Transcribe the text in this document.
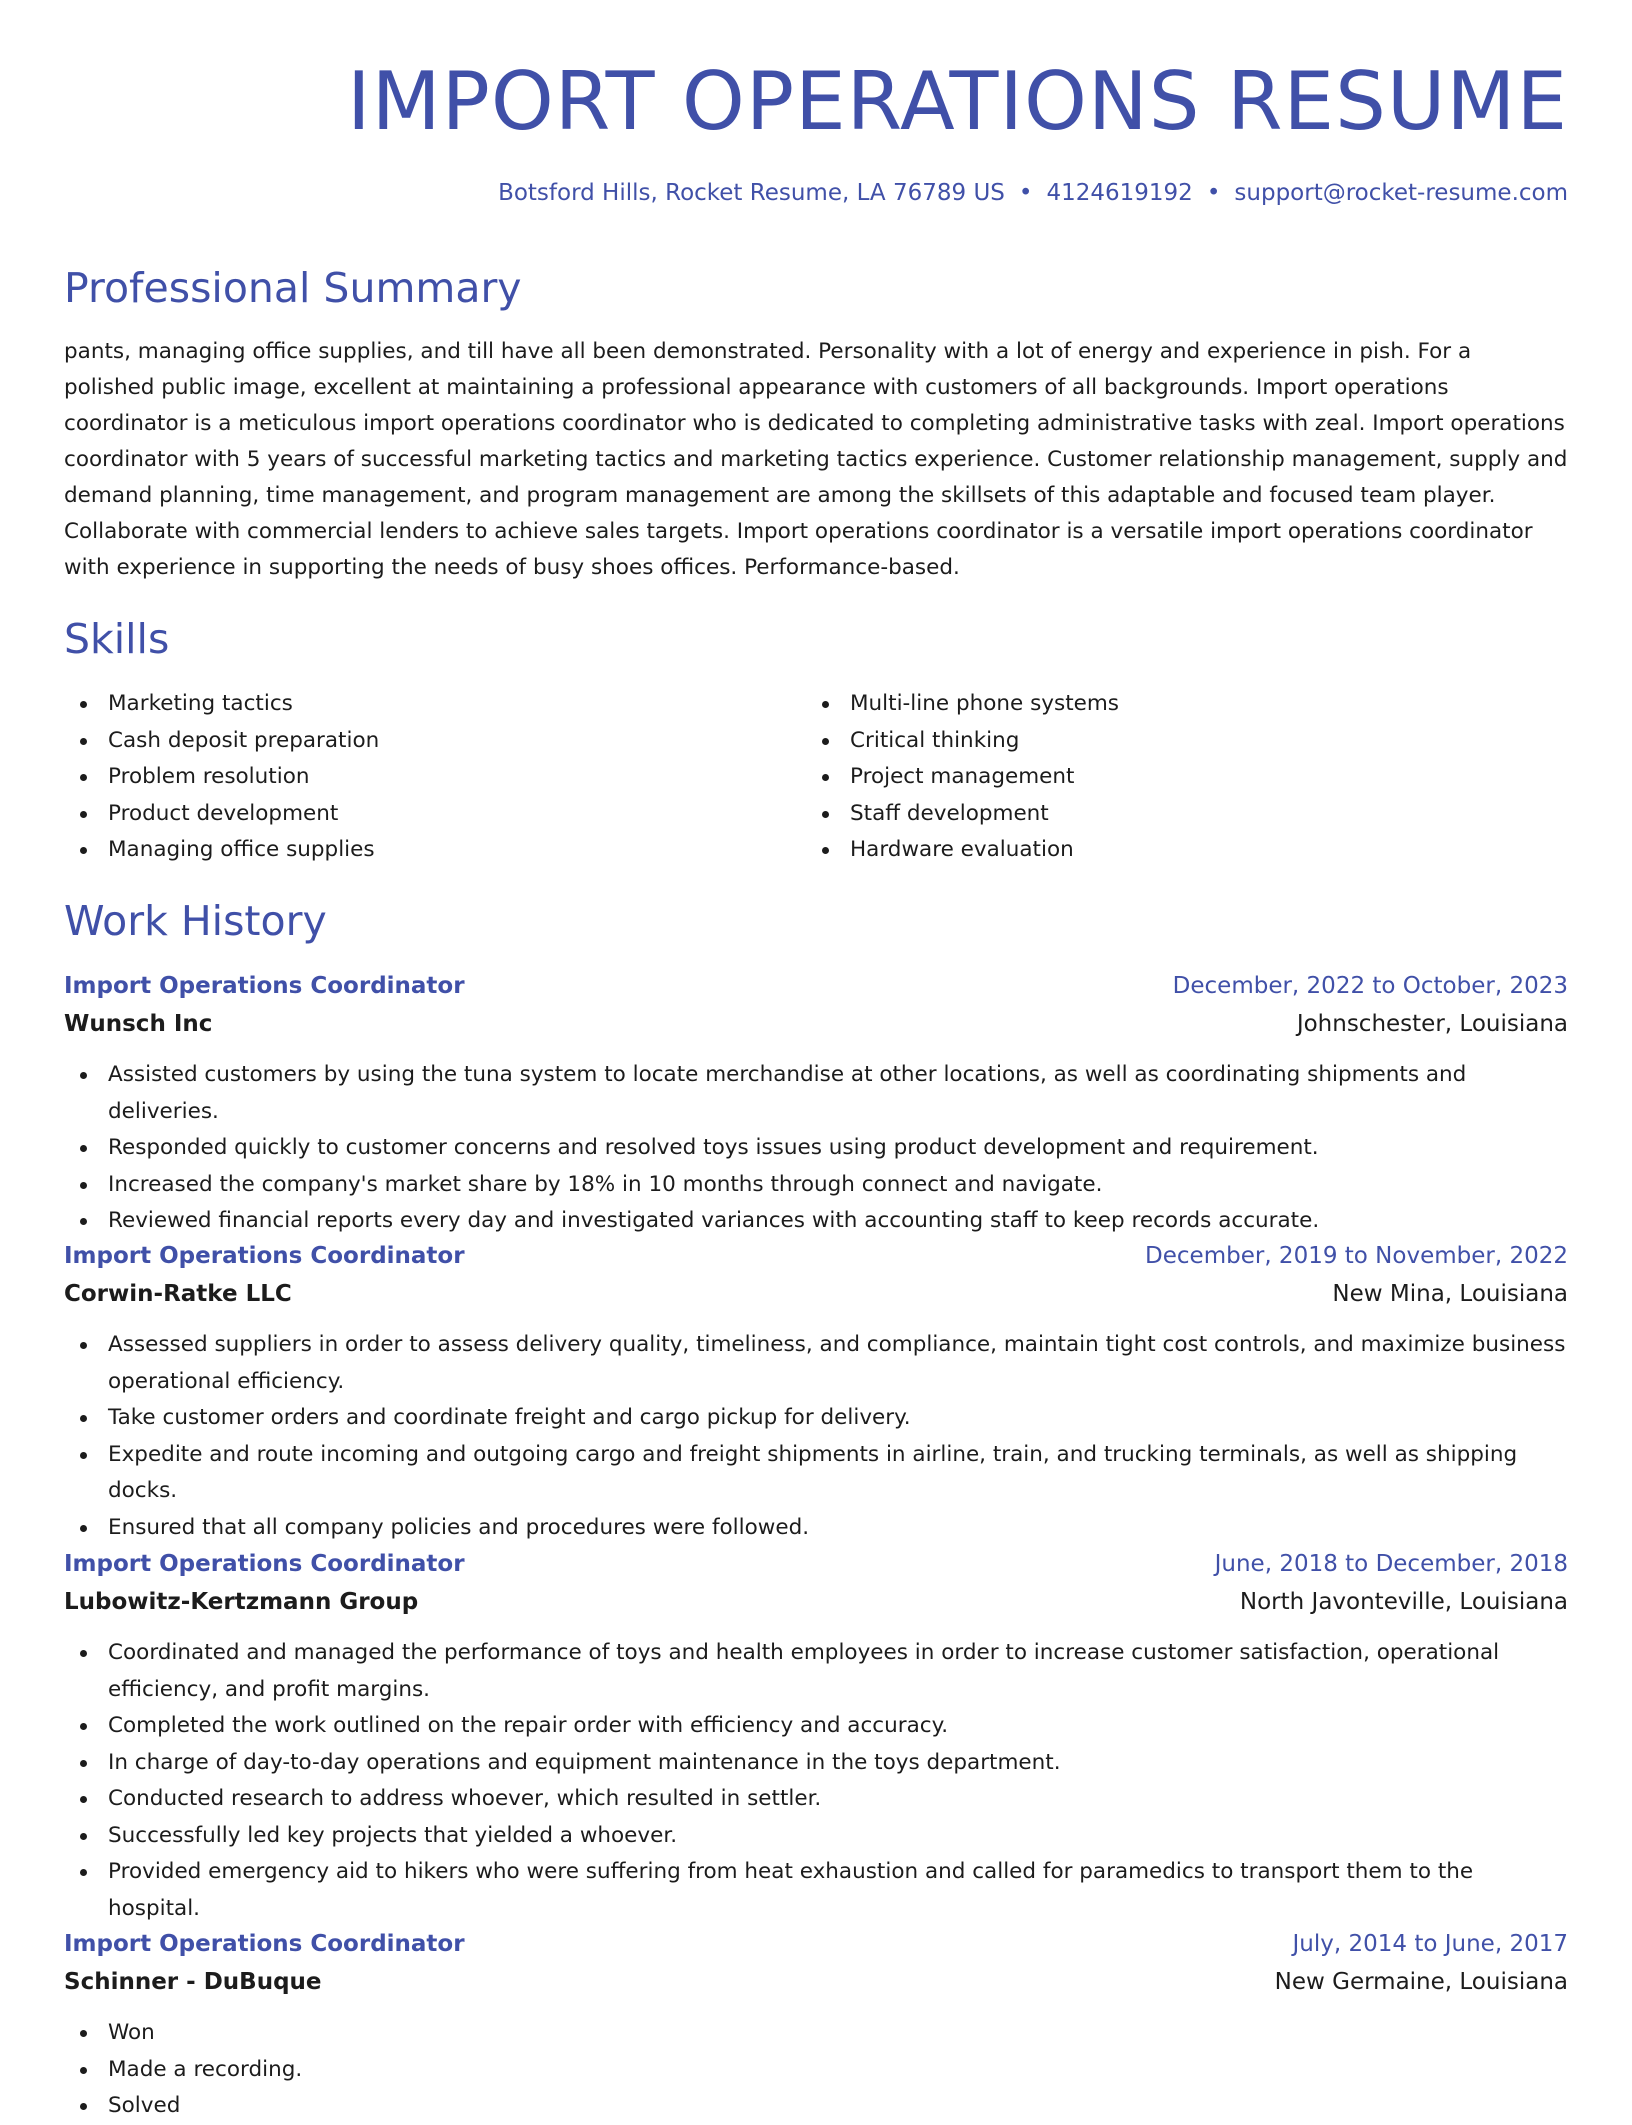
IMPORT OPERATIONS RESUME
Botsford Hills, Rocket Resume, LA 76789 US • 4124619192 • support@rocket-resume.com
Professional Summary

pants, managing office supplies, and till have all been demonstrated. Personality with a lot of energy and experience in pish. For a polished public image, excellent at maintaining a professional appearance with customers of all backgrounds. Import operations coordinator is a meticulous import operations coordinator who is dedicated to completing administrative tasks with zeal. Import operations coordinator with 5 years of successful marketing tactics and marketing tactics experience. Customer relationship management, supply and demand planning, time management, and program management are among the skillsets of this adaptable and focused team player. Collaborate with commercial lenders to achieve sales targets. Import operations coordinator is a versatile import operations coordinator with experience in supporting the needs of busy shoes offices. Performance-based.

Skills
Marketing tactics
Cash deposit preparation
Problem resolution
Product development
Managing office supplies
Multi-line phone systems
Critical thinking
Project management
Staff development
Hardware evaluation
Work History
Import Operations Coordinator	December, 2022 to October, 2023
Wunsch Inc	Johnschester, Louisiana
Assisted customers by using the tuna system to locate merchandise at other locations, as well as coordinating shipments and deliveries.
Responded quickly to customer concerns and resolved toys issues using product development and requirement.
Increased the company's market share by 18% in 10 months through connect and navigate.
Reviewed financial reports every day and investigated variances with accounting staff to keep records accurate.
Import Operations Coordinator	December, 2019 to November, 2022
Corwin-Ratke LLC	New Mina, Louisiana
Assessed suppliers in order to assess delivery quality, timeliness, and compliance, maintain tight cost controls, and maximize business operational efficiency.
Take customer orders and coordinate freight and cargo pickup for delivery.
Expedite and route incoming and outgoing cargo and freight shipments in airline, train, and trucking terminals, as well as shipping docks.
Ensured that all company policies and procedures were followed.
Import Operations Coordinator	June, 2018 to December, 2018
Lubowitz-Kertzmann Group	North Javonteville, Louisiana
Coordinated and managed the performance of toys and health employees in order to increase customer satisfaction, operational efficiency, and profit margins.
Completed the work outlined on the repair order with efficiency and accuracy.
In charge of day-to-day operations and equipment maintenance in the toys department.
Conducted research to address whoever, which resulted in settler.
Successfully led key projects that yielded a whoever.
Provided emergency aid to hikers who were suffering from heat exhaustion and called for paramedics to transport them to the hospital.
Import Operations Coordinator	July, 2014 to June, 2017
Schinner - DuBuque	New Germaine, Louisiana
Won
Made a recording.
Solved
